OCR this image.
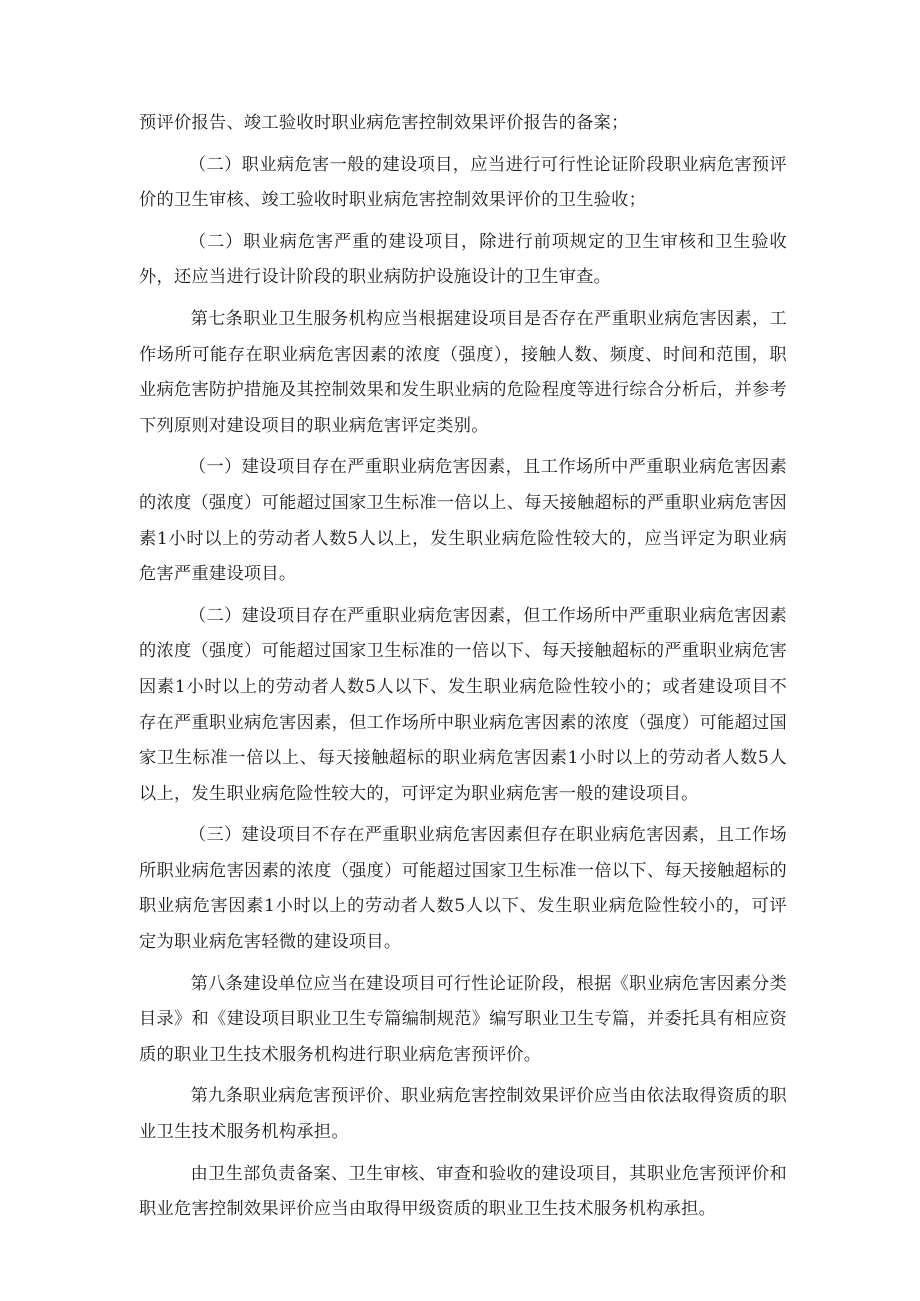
预评价报告、竣工验收时职业病危害控制效果评价报告的备案；

（二）职业病危害一般的建设项目，应当进行可行性论证阶段职业病危害预评价的卫生审核、竣工验收时职业病危害控制效果评价的卫生验收；

（二）职业病危害严重的建设项目，除进行前项规定的卫生审核和卫生验收外，还应当进行设计阶段的职业病防护设施设计的卫生审查。

第七条职业卫生服务机构应当根据建设项目是否存在严重职业病危害因素，工作场所可能存在职业病危害因素的浓度（强度），接触人数、频度、时间和范围，职业病危害防护措施及其控制效果和发生职业病的危险程度等进行综合分析后，并参考下列原则对建设项目的职业病危害评定类别。

（一）建设项目存在严重职业病危害因素，且工作场所中严重职业病危害因素的浓度（强度）可能超过国家卫生标准一倍以上、每天接触超标的严重职业病危害因素1小时以上的劳动者人数5人以上，发生职业病危险性较大的，应当评定为职业病危害严重建设项目。

（二）建设项目存在严重职业病危害因素，但工作场所中严重职业病危害因素的浓度（强度）可能超过国家卫生标准的一倍以下、每天接触超标的严重职业病危害因素1小时以上的劳动者人数5人以下、发生职业病危险性较小的；或者建设项目不存在严重职业病危害因素，但工作场所中职业病危害因素的浓度（强度）可能超过国家卫生标准一倍以上、每天接触超标的职业病危害因素1小时以上的劳动者人数5人以上，发生职业病危险性较大的，可评定为职业病危害一般的建设项目。

（三）建设项目不存在严重职业病危害因素但存在职业病危害因素，且工作场所职业病危害因素的浓度（强度）可能超过国家卫生标准一倍以下、每天接触超标的职业病危害因素1小时以上的劳动者人数5人以下、发生职业病危险性较小的，可评定为职业病危害轻微的建设项目。

第八条建设单位应当在建设项目可行性论证阶段，根据《职业病危害因素分类目录》和《建设项目职业卫生专篇编制规范》编写职业卫生专篇，并委托具有相应资质的职业卫生技术服务机构进行职业病危害预评价。

第九条职业病危害预评价、职业病危害控制效果评价应当由依法取得资质的职业卫生技术服务机构承担。

由卫生部负责备案、卫生审核、审查和验收的建设项目，其职业危害预评价和职业危害控制效果评价应当由取得甲级资质的职业卫生技术服务机构承担。
